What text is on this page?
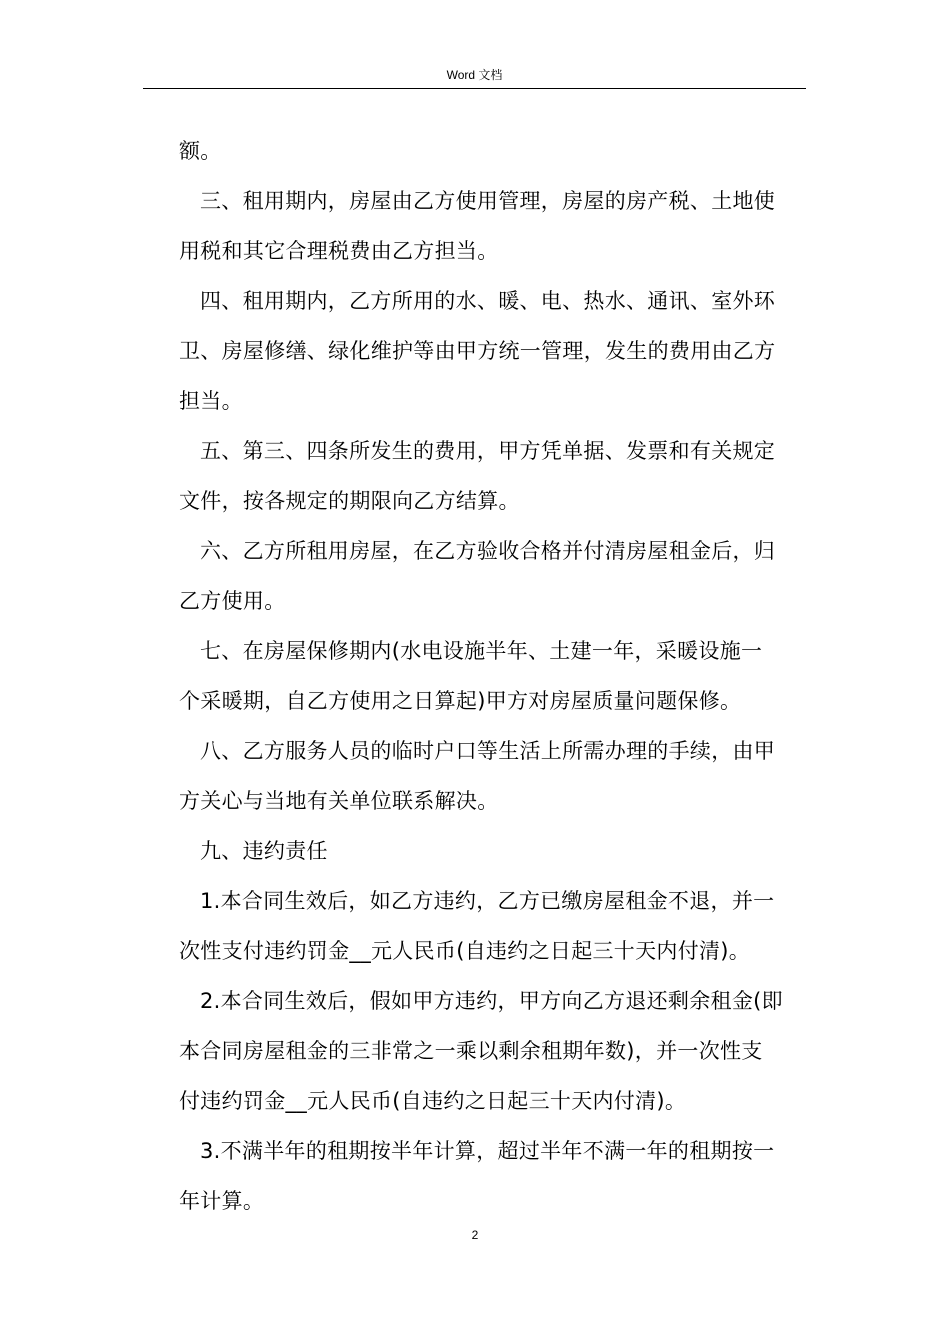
Word 文档

额。

三、租用期内，房屋由乙方使用管理，房屋的房产税、土地使
用税和其它合理税费由乙方担当。

四、租用期内，乙方所用的水、暖、电、热水、通讯、室外环
卫、房屋修缮、绿化维护等由甲方统一管理，发生的费用由乙方
担当。

五、第三、四条所发生的费用，甲方凭单据、发票和有关规定
文件，按各规定的期限向乙方结算。

六、乙方所租用房屋，在乙方验收合格并付清房屋租金后，归
乙方使用。

七、在房屋保修期内(水电设施半年、土建一年，采暖设施一
个采暖期，自乙方使用之日算起)甲方对房屋质量问题保修。

八、乙方服务人员的临时户口等生活上所需办理的手续，由甲
方关心与当地有关单位联系解决。

九、违约责任

1.本合同生效后，如乙方违约，乙方已缴房屋租金不退，并一
次性支付违约罚金__元人民币(自违约之日起三十天内付清)。

2.本合同生效后，假如甲方违约，甲方向乙方退还剩余租金(即
本合同房屋租金的三非常之一乘以剩余租期年数)，并一次性支
付违约罚金__元人民币(自违约之日起三十天内付清)。

3.不满半年的租期按半年计算，超过半年不满一年的租期按一
年计算。

2
